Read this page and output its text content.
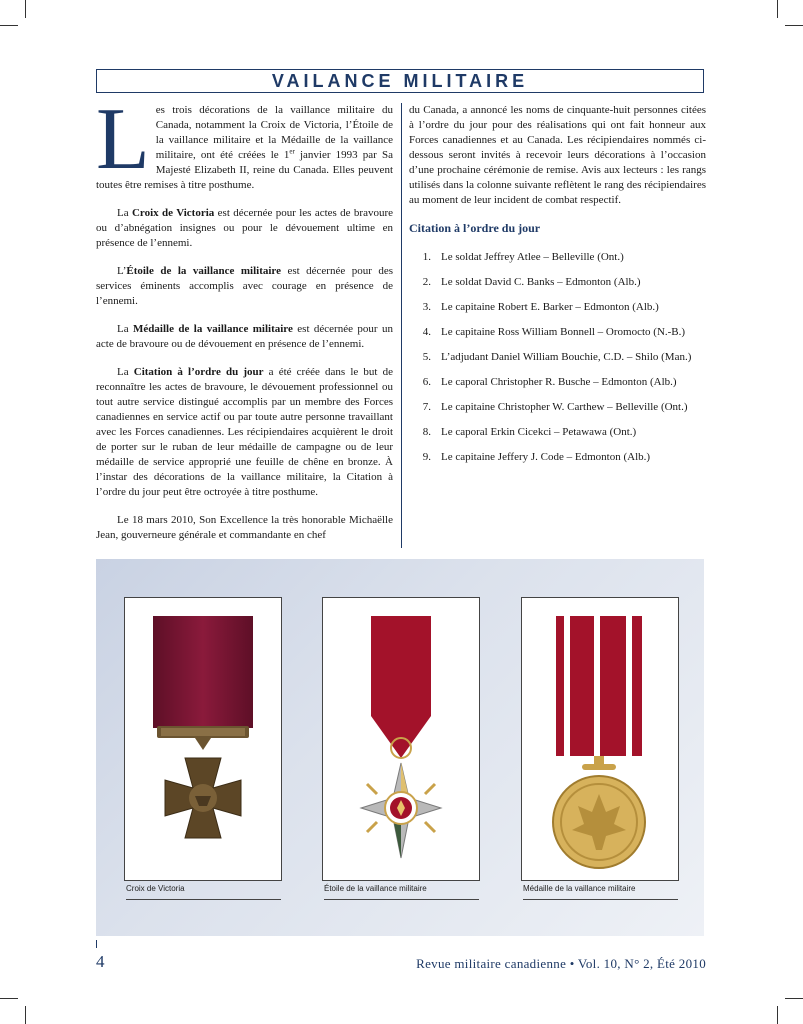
VAILANCE MILITAIRE

Les trois décorations de la vaillance militaire du Canada, notamment la Croix de Victoria, l’Étoile de la vaillance militaire et la Médaille de la vaillance militaire, ont été créées le 1er janvier 1993 par Sa Majesté Elizabeth II, reine du Canada. Elles peuvent toutes être remises à titre posthume.

La Croix de Victoria est décernée pour les actes de bravoure ou d’abnégation insignes ou pour le dévouement ultime en présence de l’ennemi.

L’Étoile de la vaillance militaire est décernée pour des services éminents accomplis avec courage en présence de l’ennemi.

La Médaille de la vaillance militaire est décernée pour un acte de bravoure ou de dévouement en présence de l’ennemi.

La Citation à l’ordre du jour a été créée dans le but de reconnaître les actes de bravoure, le dévouement professionnel ou tout autre service distingué accomplis par un membre des Forces canadiennes en service actif ou par toute autre personne travaillant avec les Forces canadiennes. Les récipiendaires acquièrent le droit de porter sur le ruban de leur médaille de campagne ou de leur médaille de service approprié une feuille de chêne en bronze. À l’instar des décorations de la vaillance militaire, la Citation à l’ordre du jour peut être octroyée à titre posthume.

Le 18 mars 2010, Son Excellence la très honorable Michaëlle Jean, gouverneure générale et commandante en chef

du Canada, a annoncé les noms de cinquante-huit personnes citées à l’ordre du jour pour des réalisations qui ont fait honneur aux Forces canadiennes et au Canada. Les récipiendaires nommés ci-dessous seront invités à recevoir leurs décorations à l’occasion d’une prochaine cérémonie de remise. Avis aux lecteurs : les rangs utilisés dans la colonne suivante reflètent le rang des récipiendaires au moment de leur incident de combat respectif.

Citation à l’ordre du jour
1. Le soldat Jeffrey Atlee – Belleville (Ont.)
2. Le soldat David C. Banks – Edmonton (Alb.)
3. Le capitaine Robert E. Barker – Edmonton (Alb.)
4. Le capitaine Ross William Bonnell – Oromocto (N.-B.)
5. L’adjudant Daniel William Bouchie, C.D. – Shilo (Man.)
6. Le caporal Christopher R. Busche – Edmonton (Alb.)
7. Le capitaine Christopher W. Carthew – Belleville (Ont.)
8. Le caporal Erkin Cicekci – Petawawa (Ont.)
9. Le capitaine Jeffery J. Code – Edmonton (Alb.)
Croix de Victoria	Étoile de la vaillance militaire	Médaille de la vaillance militaire
4	Revue militaire canadienne • Vol. 10, N° 2, Été 2010
